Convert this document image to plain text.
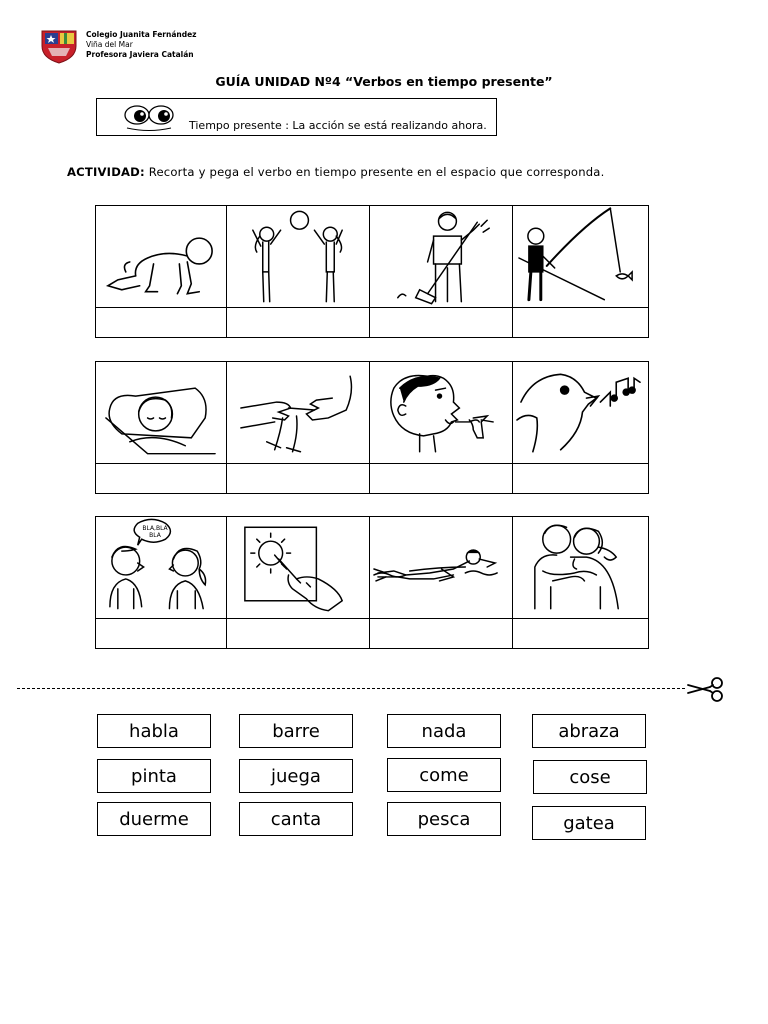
Colegio Juanita Fernández
Viña del Mar
Profesora Javiera Catalán
GUÍA UNIDAD Nº4 “Verbos en tiempo presente”
Tiempo presente : La acción se está realizando ahora.
ACTIVIDAD: Recorta y pega el verbo en tiempo presente en el espacio que corresponda.

BLA,BLA BLA

habla	barre	nada	abraza
pinta	juega	come	cose
duerme	canta	pesca	gatea
